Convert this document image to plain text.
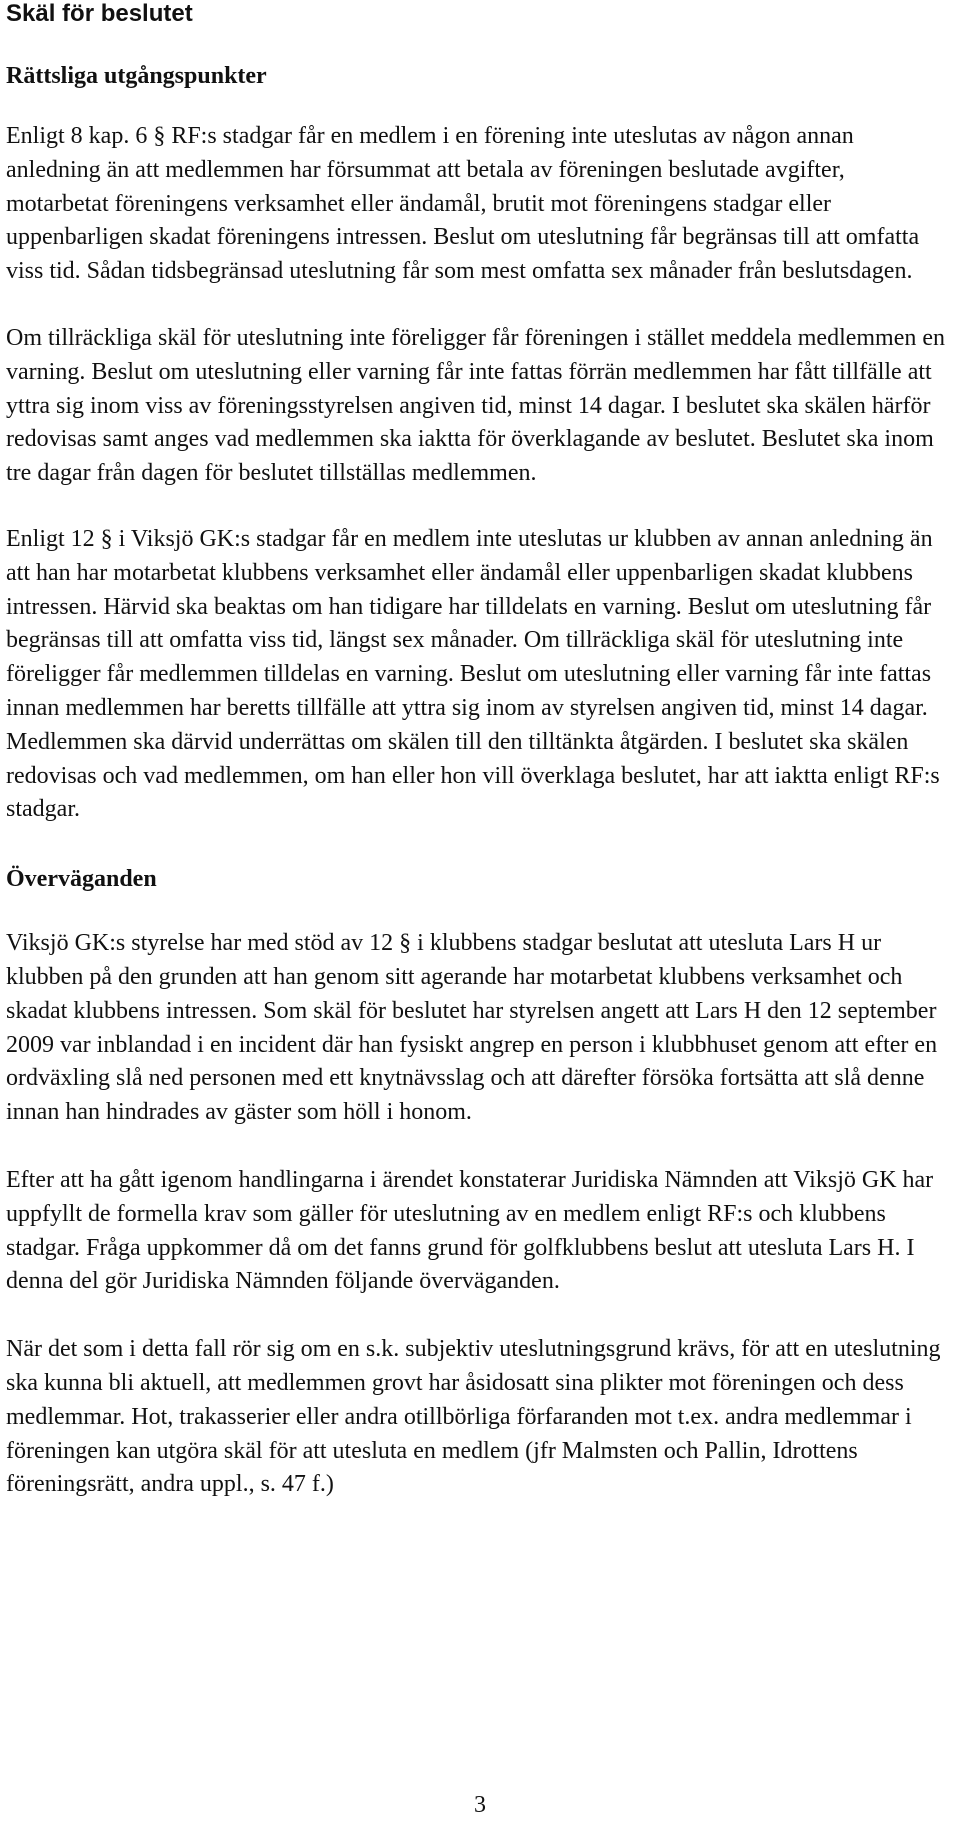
Skäl för beslutet
Rättsliga utgångspunkter

Enligt 8 kap. 6 § RF:s stadgar får en medlem i en förening inte uteslutas av någon annan anledning än att medlemmen har försummat att betala av föreningen beslutade avgifter, motarbetat föreningens verksamhet eller ändamål, brutit mot föreningens stadgar eller uppenbarligen skadat föreningens intressen. Beslut om uteslutning får begränsas till att omfatta viss tid. Sådan tidsbegränsad uteslutning får som mest omfatta sex månader från beslutsdagen.

Om tillräckliga skäl för uteslutning inte föreligger får föreningen i stället meddela medlemmen en varning. Beslut om uteslutning eller varning får inte fattas förrän medlemmen har fått tillfälle att yttra sig inom viss av föreningsstyrelsen angiven tid, minst 14 dagar. I beslutet ska skälen härför redovisas samt anges vad medlemmen ska iaktta för överklagande av beslutet. Beslutet ska inom tre dagar från dagen för beslutet tillställas medlemmen.

Enligt 12 § i Viksjö GK:s stadgar får en medlem inte uteslutas ur klubben av annan anledning än att han har motarbetat klubbens verksamhet eller ändamål eller uppenbarligen skadat klubbens intressen. Härvid ska beaktas om han tidigare har tilldelats en varning. Beslut om uteslutning får begränsas till att omfatta viss tid, längst sex månader. Om tillräckliga skäl för uteslutning inte föreligger får medlemmen tilldelas en varning. Beslut om uteslutning eller varning får inte fattas innan medlemmen har beretts tillfälle att yttra sig inom av styrelsen angiven tid, minst 14 dagar. Medlemmen ska därvid underrättas om skälen till den tilltänkta åtgärden. I beslutet ska skälen redovisas och vad medlemmen, om han eller hon vill överklaga beslutet, har att iaktta enligt RF:s stadgar.

Överväganden

Viksjö GK:s styrelse har med stöd av 12 § i klubbens stadgar beslutat att utesluta Lars H ur klubben på den grunden att han genom sitt agerande har motarbetat klubbens verksamhet och skadat klubbens intressen. Som skäl för beslutet har styrelsen angett att Lars H den 12 september 2009 var inblandad i en incident där han fysiskt angrep en person i klubbhuset genom att efter en ordväxling slå ned personen med ett knytnävsslag och att därefter försöka fortsätta att slå denne innan han hindrades av gäster som höll i honom.

Efter att ha gått igenom handlingarna i ärendet konstaterar Juridiska Nämnden att Viksjö GK har uppfyllt de formella krav som gäller för uteslutning av en medlem enligt RF:s och klubbens stadgar. Fråga uppkommer då om det fanns grund för golfklubbens beslut att utesluta Lars H. I denna del gör Juridiska Nämnden följande överväganden.

När det som i detta fall rör sig om en s.k. subjektiv uteslutningsgrund krävs, för att en uteslutning ska kunna bli aktuell, att medlemmen grovt har åsidosatt sina plikter mot föreningen och dess medlemmar. Hot, trakasserier eller andra otillbörliga förfaranden mot t.ex. andra medlemmar i föreningen kan utgöra skäl för att utesluta en medlem (jfr Malmsten och Pallin, Idrottens föreningsrätt, andra uppl., s. 47 f.)

3
